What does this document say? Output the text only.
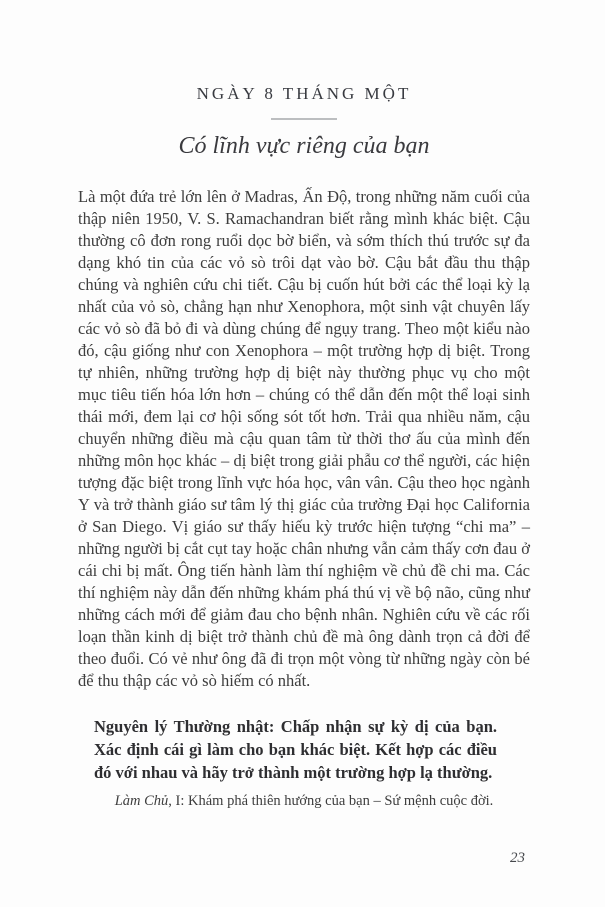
NGÀY 8 THÁNG MỘT
Có lĩnh vực riêng của bạn

Là một đứa trẻ lớn lên ở Madras, Ấn Độ, trong những năm cuối của thập niên 1950, V. S. Ramachandran biết rằng mình khác biệt. Cậu thường cô đơn rong ruổi dọc bờ biển, và sớm thích thú trước sự đa dạng khó tin của các vỏ sò trôi dạt vào bờ. Cậu bắt đầu thu thập chúng và nghiên cứu chi tiết. Cậu bị cuốn hút bởi các thể loại kỳ lạ nhất của vỏ sò, chẳng hạn như Xenophora, một sinh vật chuyên lấy các vỏ sò đã bỏ đi và dùng chúng để ngụy trang. Theo một kiểu nào đó, cậu giống như con Xenophora – một trường hợp dị biệt. Trong tự nhiên, những trường hợp dị biệt này thường phục vụ cho một mục tiêu tiến hóa lớn hơn – chúng có thể dẫn đến một thể loại sinh thái mới, đem lại cơ hội sống sót tốt hơn. Trải qua nhiều năm, cậu chuyển những điều mà cậu quan tâm từ thời thơ ấu của mình đến những môn học khác – dị biệt trong giải phẫu cơ thể người, các hiện tượng đặc biệt trong lĩnh vực hóa học, vân vân. Cậu theo học ngành Y và trở thành giáo sư tâm lý thị giác của trường Đại học California ở San Diego. Vị giáo sư thấy hiếu kỳ trước hiện tượng “chi ma” – những người bị cắt cụt tay hoặc chân nhưng vẫn cảm thấy cơn đau ở cái chi bị mất. Ông tiến hành làm thí nghiệm về chủ đề chi ma. Các thí nghiệm này dẫn đến những khám phá thú vị về bộ não, cũng như những cách mới để giảm đau cho bệnh nhân. Nghiên cứu về các rối loạn thần kinh dị biệt trở thành chủ đề mà ông dành trọn cả đời để theo đuổi. Có vẻ như ông đã đi trọn một vòng từ những ngày còn bé để thu thập các vỏ sò hiếm có nhất.

Nguyên lý Thường nhật: Chấp nhận sự kỳ dị của bạn. Xác định cái gì làm cho bạn khác biệt. Kết hợp các điều đó với nhau và hãy trở thành một trường hợp lạ thường.

Làm Chủ, I: Khám phá thiên hướng của bạn – Sứ mệnh cuộc đời.

23
